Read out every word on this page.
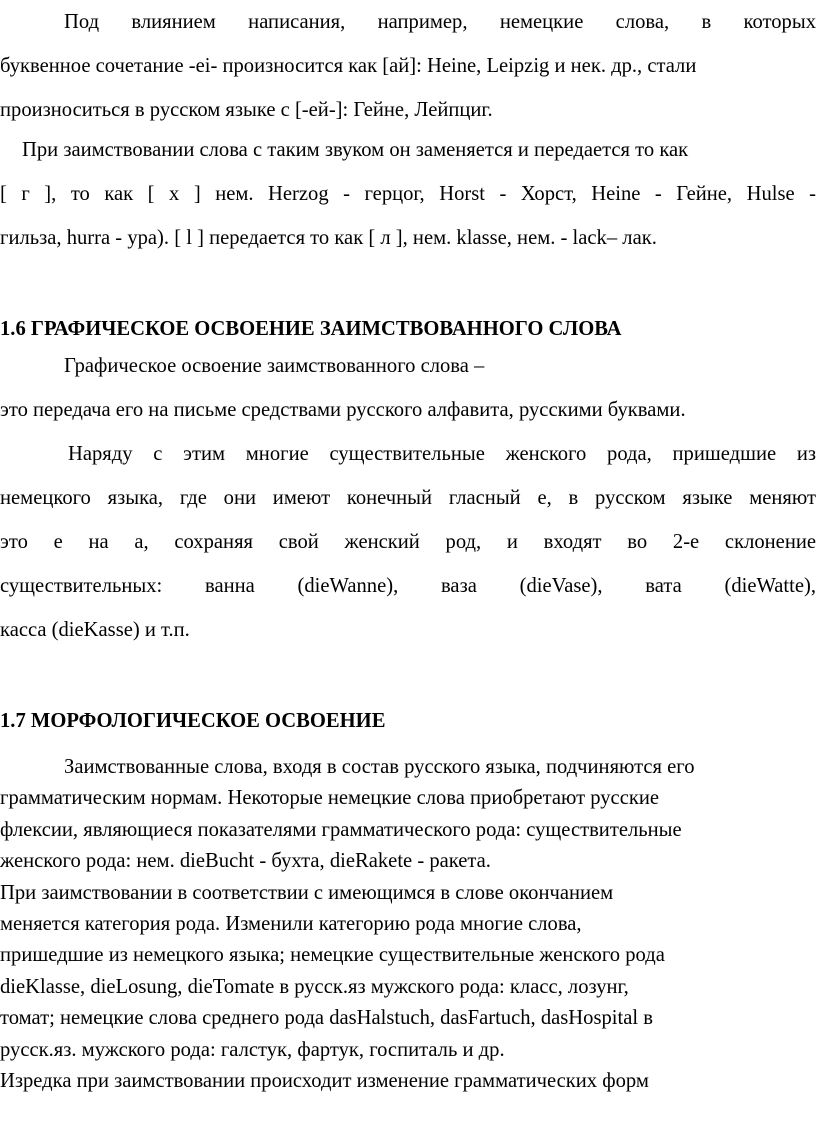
Под влиянием написания, например, немецкие слова, в которых
буквенное сочетание -ei- произносится как [ай]: Heine, Leipzig и нек. др., стали
произноситься в русском языке с [-ей-]: Гейне, Лейпциг.

При заимствовании слова с таким звуком он заменяется и передается то как
[ г ], то как [ х ] нем. Herzog - герцог, Horst - Хорст, Heine - Гейне, Hulse -
гильза, hurra - ура). [ l ] передается то как [ л ], нем. klasse, нем. - lack– лак.

1.6 ГРАФИЧЕСКОЕ ОСВОЕНИЕ ЗАИМСТВОВАННОГО СЛОВА

Графическое освоение заимствованного слова –
это передача его на письме средствами русского алфавита, русскими буквами.

Наряду с этим многие существительные женского рода, пришедшие из
немецкого языка, где они имеют конечный гласный е, в русском языке меняют
это е на а, сохраняя свой женский род, и входят во 2-е склонение
существительных: ванна (dieWanne), ваза (dieVase), вата (dieWatte),
касса (dieKasse) и т.п.

1.7 МОРФОЛОГИЧЕСКОЕ ОСВОЕНИЕ

Заимствованные слова, входя в состав русского языка, подчиняются его
грамматическим нормам. Некоторые немецкие слова приобретают русские
флексии, являющиеся показателями грамматического рода: существительные
женского рода: нем. dieBucht - бухта, dieRakete - ракета.

При заимствовании в соответствии с имеющимся в слове окончанием
меняется категория рода. Изменили категорию рода многие слова,
пришедшие из немецкого языка; немецкие существительные женского рода
dieKlasse, dieLosung, dieTomate в русск.яз мужского рода: класс, лозунг,
томат; немецкие слова среднего рода dasHalstuch, dasFartuch, dasHospital в
русск.яз. мужского рода: галстук, фартук, госпиталь и др.

Изредка при заимствовании происходит изменение грамматических форм
